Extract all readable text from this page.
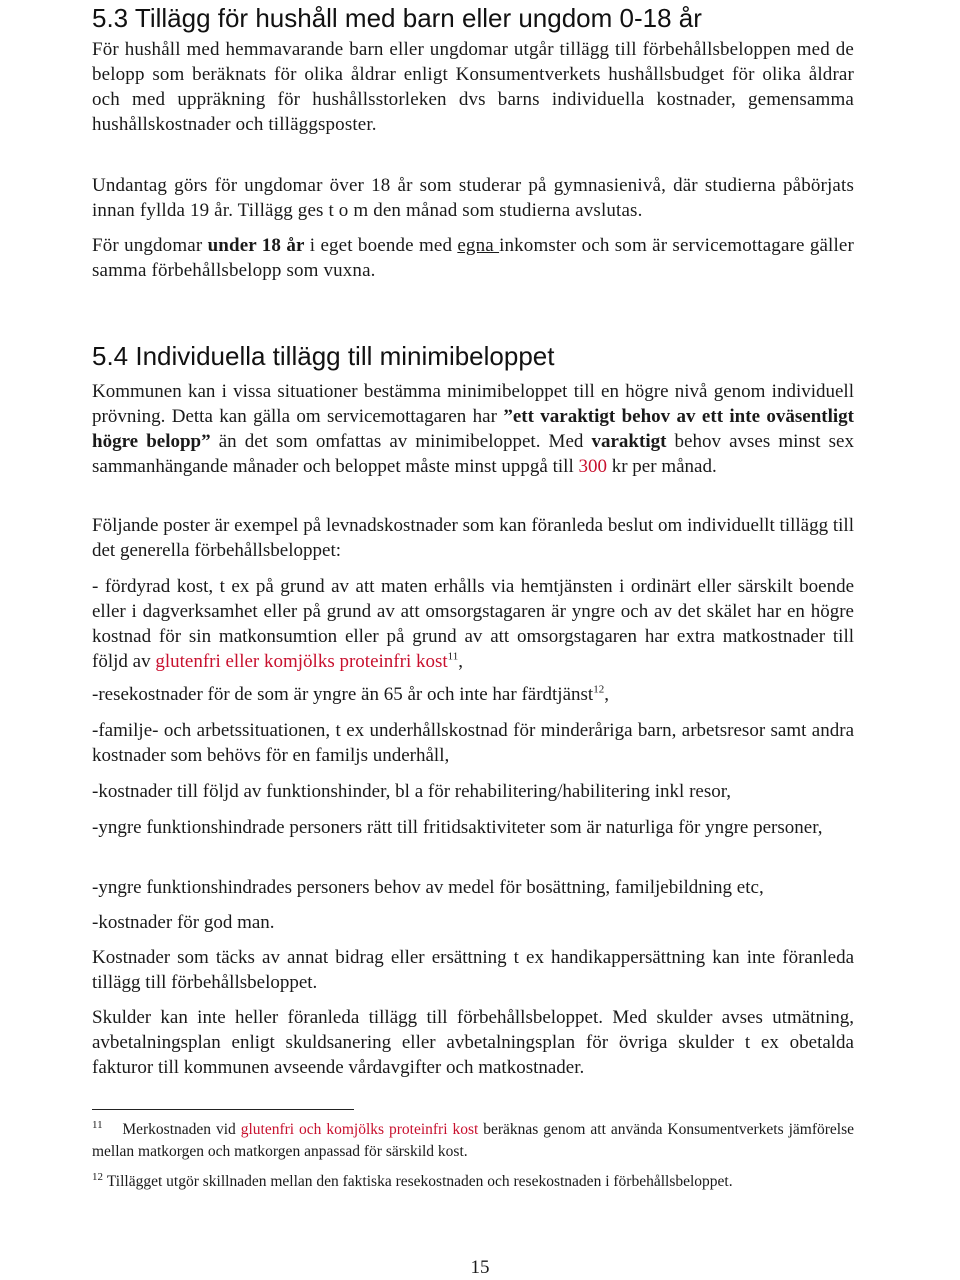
5.3 Tillägg för hushåll med barn eller ungdom 0-18 år

För hushåll med hemmavarande barn eller ungdomar utgår tillägg till förbehållsbeloppen med de belopp som beräknats för olika åldrar enligt Konsumentverkets hushållsbudget för olika åldrar och med uppräkning för hushållsstorleken dvs barns individuella kostnader, gemensamma hushållskostnader och tilläggsposter.

Undantag görs för ungdomar över 18 år som studerar på gymnasienivå, där studierna påbörjats innan fyllda 19 år. Tillägg ges t o m den månad som studierna avslutas.

För ungdomar under 18 år i eget boende med egna inkomster och som är servicemottagare gäller samma förbehållsbelopp som vuxna.

5.4 Individuella tillägg till minimibeloppet

Kommunen kan i vissa situationer bestämma minimibeloppet till en högre nivå genom individuell prövning. Detta kan gälla om servicemottagaren har ”ett varaktigt behov av ett inte oväsentligt högre belopp” än det som omfattas av minimibeloppet. Med varaktigt behov avses minst sex sammanhängande månader och beloppet måste minst uppgå till 300 kr per månad.

Följande poster är exempel på levnadskostnader som kan föranleda beslut om individuellt tillägg till det generella förbehållsbeloppet:

- fördyrad kost, t ex på grund av att maten erhålls via hemtjänsten i ordinärt eller särskilt boende eller i dagverksamhet eller på grund av att omsorgstagaren är yngre och av det skälet har en högre kostnad för sin matkonsumtion eller på grund av att omsorgstagaren har extra matkostnader till följd av glutenfri eller komjölks proteinfri kost$^{11}$,

-resekostnader för de som är yngre än 65 år och inte har färdtjänst$^{12}$,

-familje- och arbetssituationen, t ex underhållskostnad för minderåriga barn, arbetsresor samt andra kostnader som behövs för en familjs underhåll,

-kostnader till följd av funktionshinder, bl a för rehabilitering/habilitering inkl resor,

-yngre funktionshindrade personers rätt till fritidsaktiviteter som är naturliga för yngre personer,

-yngre funktionshindrades personers behov av medel för bosättning, familjebildning etc,

-kostnader för god man.

Kostnader som täcks av annat bidrag eller ersättning t ex handikappersättning kan inte föranleda tillägg till förbehållsbeloppet.

Skulder kan inte heller föranleda tillägg till förbehållsbeloppet. Med skulder avses utmätning, avbetalningsplan enligt skuldsanering eller avbetalningsplan för övriga skulder t ex obetalda fakturor till kommunen avseende vårdavgifter och matkostnader.

$^{11}$ Merkostnaden vid glutenfri och komjölks proteinfri kost beräknas genom att använda Konsumentverkets jämförelse mellan matkorgen och matkorgen anpassad för särskild kost.

$^{12}$ Tillägget utgör skillnaden mellan den faktiska resekostnaden och resekostnaden i förbehållsbeloppet.

15
